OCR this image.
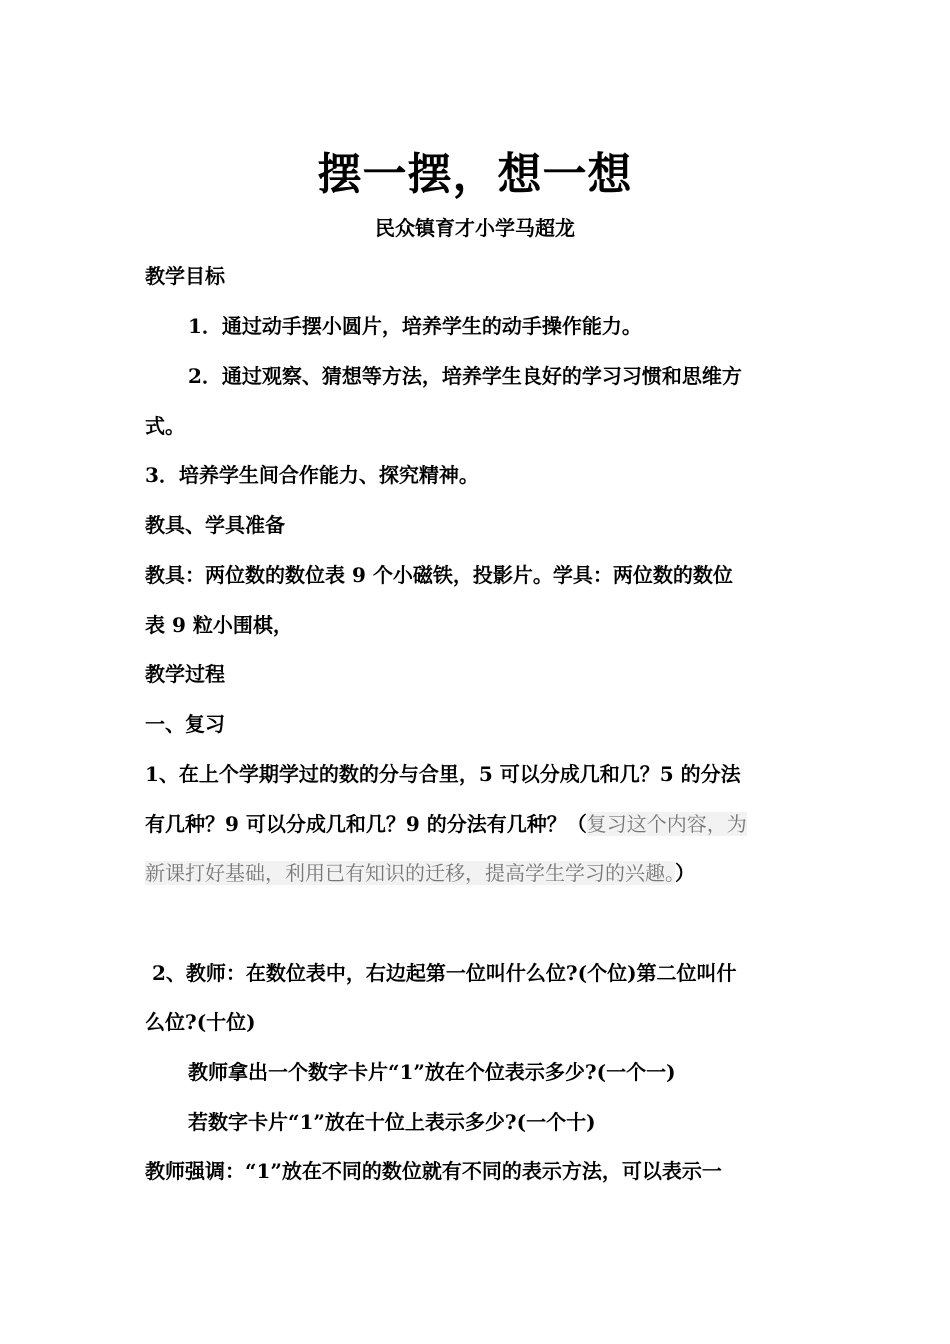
摆一摆，想一想
民众镇育才小学马超龙
教学目标
1．通过动手摆小圆片，培养学生的动手操作能力。
2．通过观察、猜想等方法，培养学生良好的学习习惯和思维方
式。
3．培养学生间合作能力、探究精神。
教具、学具准备
教具：两位数的数位表 9 个小磁铁，投影片。学具：两位数的数位
表 9 粒小围棋，
教学过程
一、复习
1、在上个学期学过的数的分与合里，5 可以分成几和几？5 的分法
有几种？9 可以分成几和几？9 的分法有几种？（复习这个内容，为
新课打好基础，利用已有知识的迁移，提高学生学习的兴趣。）
2、教师：在数位表中，右边起第一位叫什么位?(个位)第二位叫什
么位?(十位)
教师拿出一个数字卡片“1”放在个位表示多少?(一个一)
若数字卡片“1”放在十位上表示多少?(一个十)
教师强调：“1”放在不同的数位就有不同的表示方法，可以表示一
